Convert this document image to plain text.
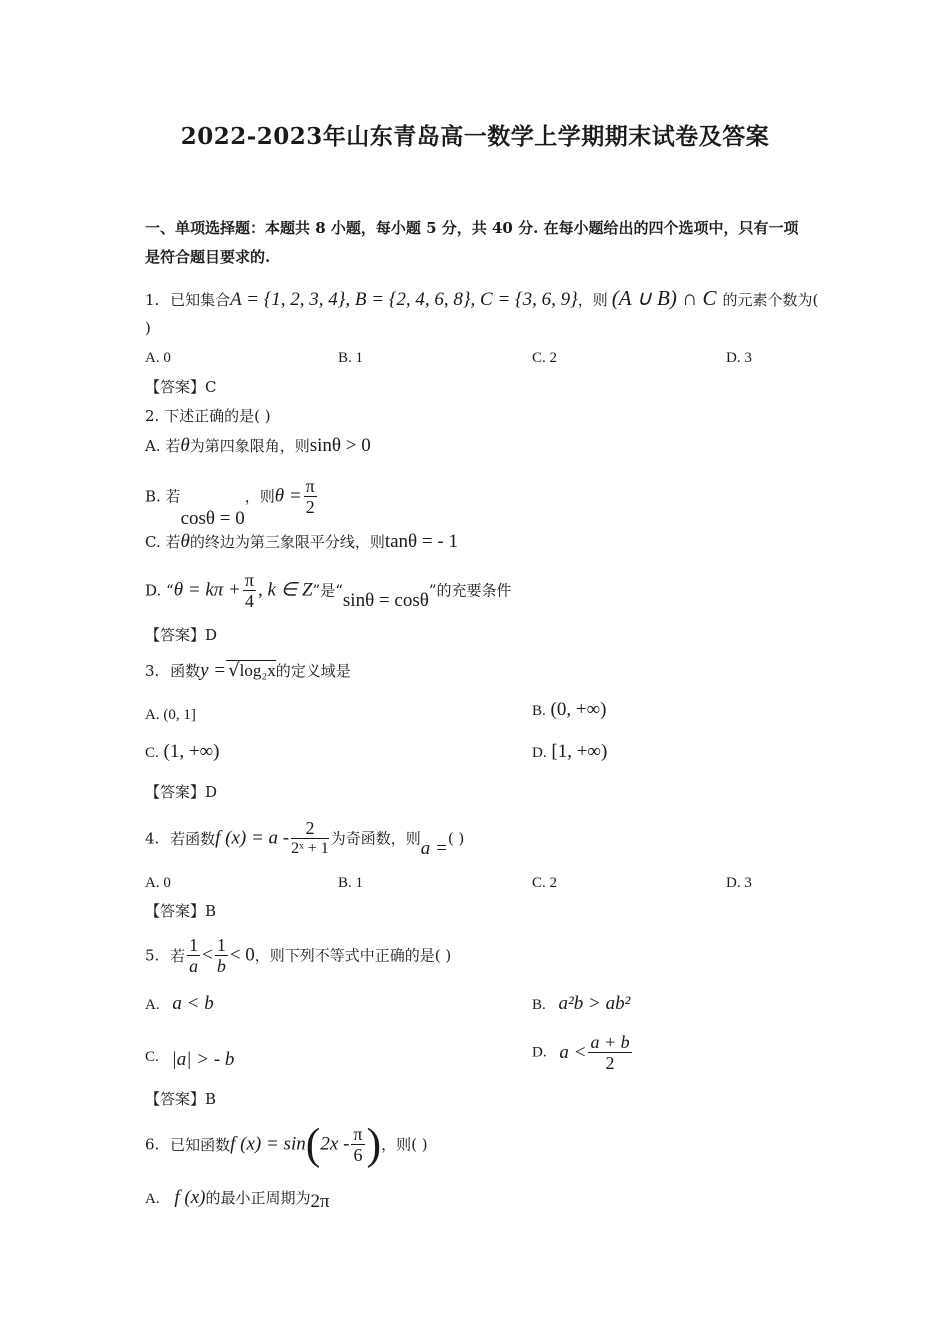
2022-2023年山东青岛高一数学上学期期末试卷及答案
一、单项选择题：本题共 8 小题，每小题 5 分，共 40 分. 在每小题给出的四个选项中，只有一项
是符合题目要求的.
1. 已知集合A = {1, 2, 3, 4}, B = {2, 4, 6, 8}, C = {3, 6, 9}，则 (A ∪ B) ∩ C 的元素个数为(
)
A. 0	B. 1	C. 2	D. 3
【答案】C
2. 下述正确的是( )
A. 若θ为第四象限角，则sinθ > 0
B. 若cosθ = 0，则$\theta = \frac{\pi}{2}$
C. 若θ的终边为第三象限平分线，则tanθ = - 1
D. “$\theta = k\pi + \frac{\pi}{4}$ , k ∈ Z”是“sinθ = cosθ”的充要条件
【答案】D
3. 函数y = √log₂x的定义域是
A. (0, 1]	B. (0, +∞)
C. (1, +∞)	D. [1, +∞)
【答案】D
4. 若函数f $(x) = a - \frac{2}{\text{2ˣ + 1}}$ 为奇函数，则a =( )
A. 0	B. 1	C. 2	D. 3
【答案】B
5. 若 $\frac{1}{a} < \frac{1}{b} < 0$，则下列不等式中正确的是( )
A. a < b	B. a²b > ab²
C. |a| > - b	D. $a < \frac{a + b}{2}$
【答案】B
6. 已知函数f $(x) = \sin(2x - \frac{\pi}{6}$ )，则( )
A. f (x)的最小正周期为2π
